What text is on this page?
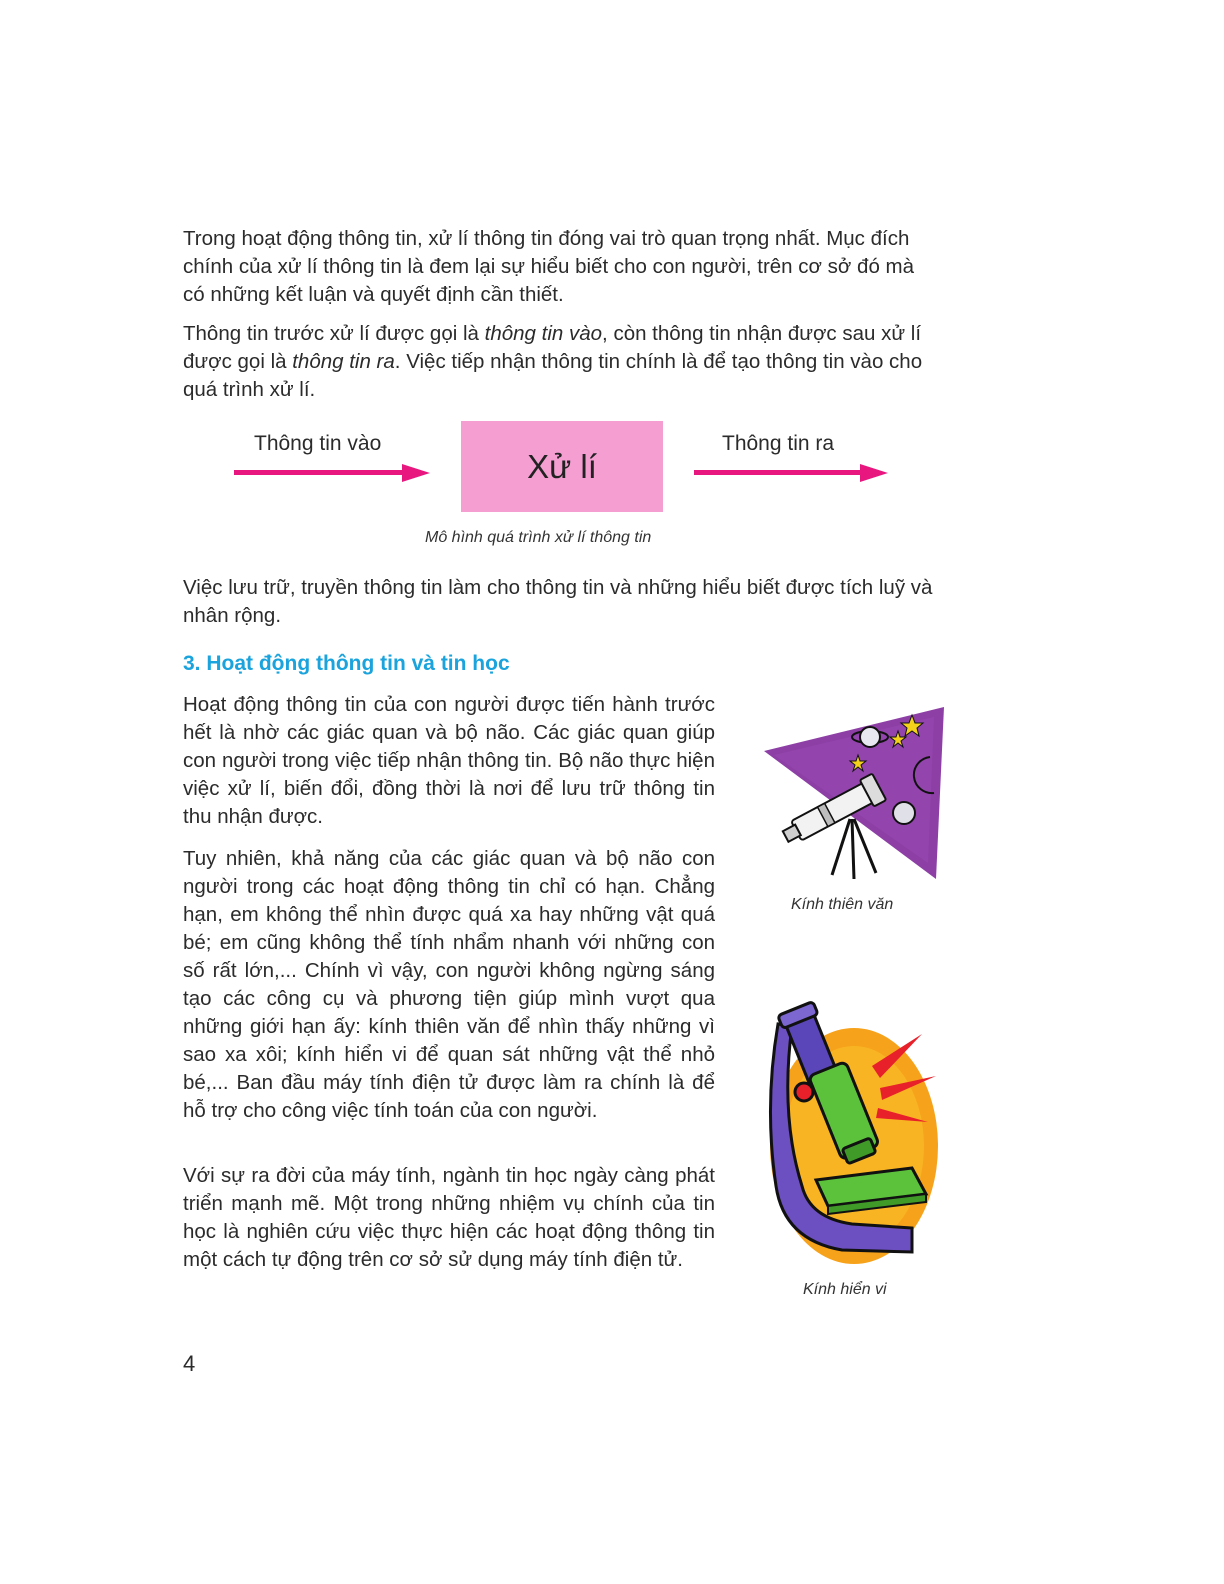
Trong hoạt động thông tin, xử lí thông tin đóng vai trò quan trọng nhất. Mục đích chính của xử lí thông tin là đem lại sự hiểu biết cho con người, trên cơ sở đó mà có những kết luận và quyết định cần thiết.

Thông tin trước xử lí được gọi là thông tin vào, còn thông tin nhận được sau xử lí được gọi là thông tin ra. Việc tiếp nhận thông tin chính là để tạo thông tin vào cho quá trình xử lí.

Thông tin vào
Xử lí
Thông tin ra
Mô hình quá trình xử lí thông tin

Việc lưu trữ, truyền thông tin làm cho thông tin và những hiểu biết được tích luỹ và nhân rộng.

3. Hoạt động thông tin và tin học

Hoạt động thông tin của con người được tiến hành trước hết là nhờ các giác quan và bộ não. Các giác quan giúp con người trong việc tiếp nhận thông tin. Bộ não thực hiện việc xử lí, biến đổi, đồng thời là nơi để lưu trữ thông tin thu nhận được.

Tuy nhiên, khả năng của các giác quan và bộ não con người trong các hoạt động thông tin chỉ có hạn. Chẳng hạn, em không thể nhìn được quá xa hay những vật quá bé; em cũng không thể tính nhẩm nhanh với những con số rất lớn,... Chính vì vậy, con người không ngừng sáng tạo các công cụ và phương tiện giúp mình vượt qua những giới hạn ấy: kính thiên văn để nhìn thấy những vì sao xa xôi; kính hiển vi để quan sát những vật thể nhỏ bé,... Ban đầu máy tính điện tử được làm ra chính là để hỗ trợ cho công việc tính toán của con người.

Với sự ra đời của máy tính, ngành tin học ngày càng phát triển mạnh mẽ. Một trong những nhiệm vụ chính của tin học là nghiên cứu việc thực hiện các hoạt động thông tin một cách tự động trên cơ sở sử dụng máy tính điện tử.

Kính thiên văn
Kính hiển vi
4
